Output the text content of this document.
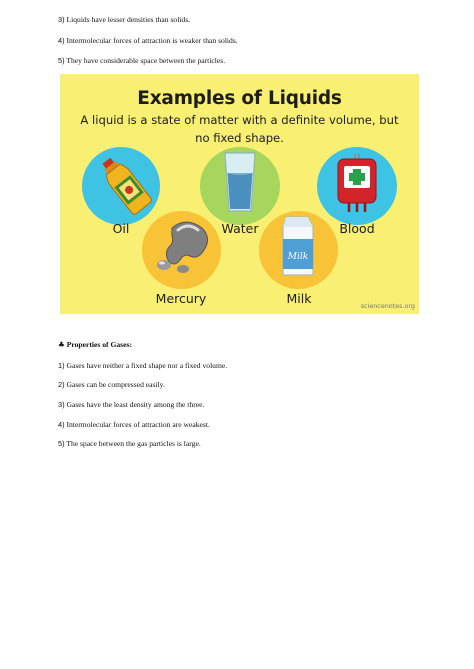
3) Liquids have lesser densities than solids.
4) Intermolecular forces of attraction is weaker than solids.
5) They have considerable space between the particles.
Examples of Liquids
A liquid is a state of matter with a definite volume, but no fixed shape.
Milk
Oil	Water	Blood
Mercury	Milk	sciencenotes.org
♣ Properties of Gases:
1) Gases have neither a fixed shape nor a fixed volume.
2) Gases can be compressed easily.
3) Gases have the least density among the three.
4) Intermolecular forces of attraction are weakest.
5) The space between the gas particles is large.
